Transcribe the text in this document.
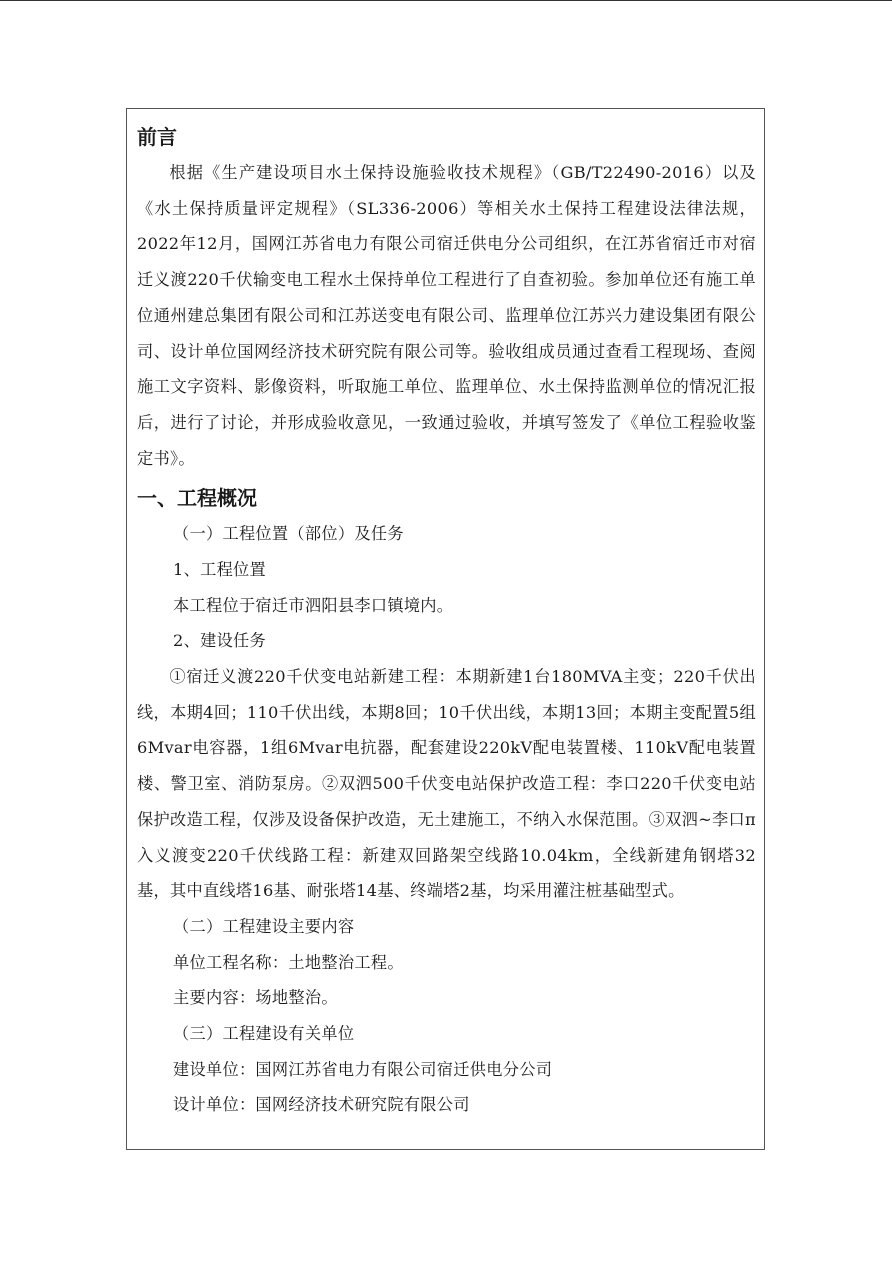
前言

根据《生产建设项目水土保持设施验收技术规程》（GB/T22490-2016）以及《水土保持质量评定规程》（SL336-2006）等相关水土保持工程建设法律法规，2022年12月，国网江苏省电力有限公司宿迁供电分公司组织，在江苏省宿迁市对宿迁义渡220千伏输变电工程水土保持单位工程进行了自查初验。参加单位还有施工单位通州建总集团有限公司和江苏送变电有限公司、监理单位江苏兴力建设集团有限公司、设计单位国网经济技术研究院有限公司等。验收组成员通过查看工程现场、查阅施工文字资料、影像资料，听取施工单位、监理单位、水土保持监测单位的情况汇报后，进行了讨论，并形成验收意见，一致通过验收，并填写签发了《单位工程验收鉴定书》。

一、工程概况

（一）工程位置（部位）及任务

1、工程位置

本工程位于宿迁市泗阳县李口镇境内。

2、建设任务

①宿迁义渡220千伏变电站新建工程：本期新建1台180MVA主变；220千伏出线，本期4回；110千伏出线，本期8回；10千伏出线，本期13回；本期主变配置5组6Mvar电容器，1组6Mvar电抗器，配套建设220kV配电装置楼、110kV配电装置楼、警卫室、消防泵房。②双泗500千伏变电站保护改造工程：李口220千伏变电站保护改造工程，仅涉及设备保护改造，无土建施工，不纳入水保范围。③双泗~李口π入义渡变220千伏线路工程：新建双回路架空线路10.04km，全线新建角钢塔32基，其中直线塔16基、耐张塔14基、终端塔2基，均采用灌注桩基础型式。

（二）工程建设主要内容

单位工程名称：土地整治工程。

主要内容：场地整治。

（三）工程建设有关单位

建设单位：国网江苏省电力有限公司宿迁供电分公司

设计单位：国网经济技术研究院有限公司
